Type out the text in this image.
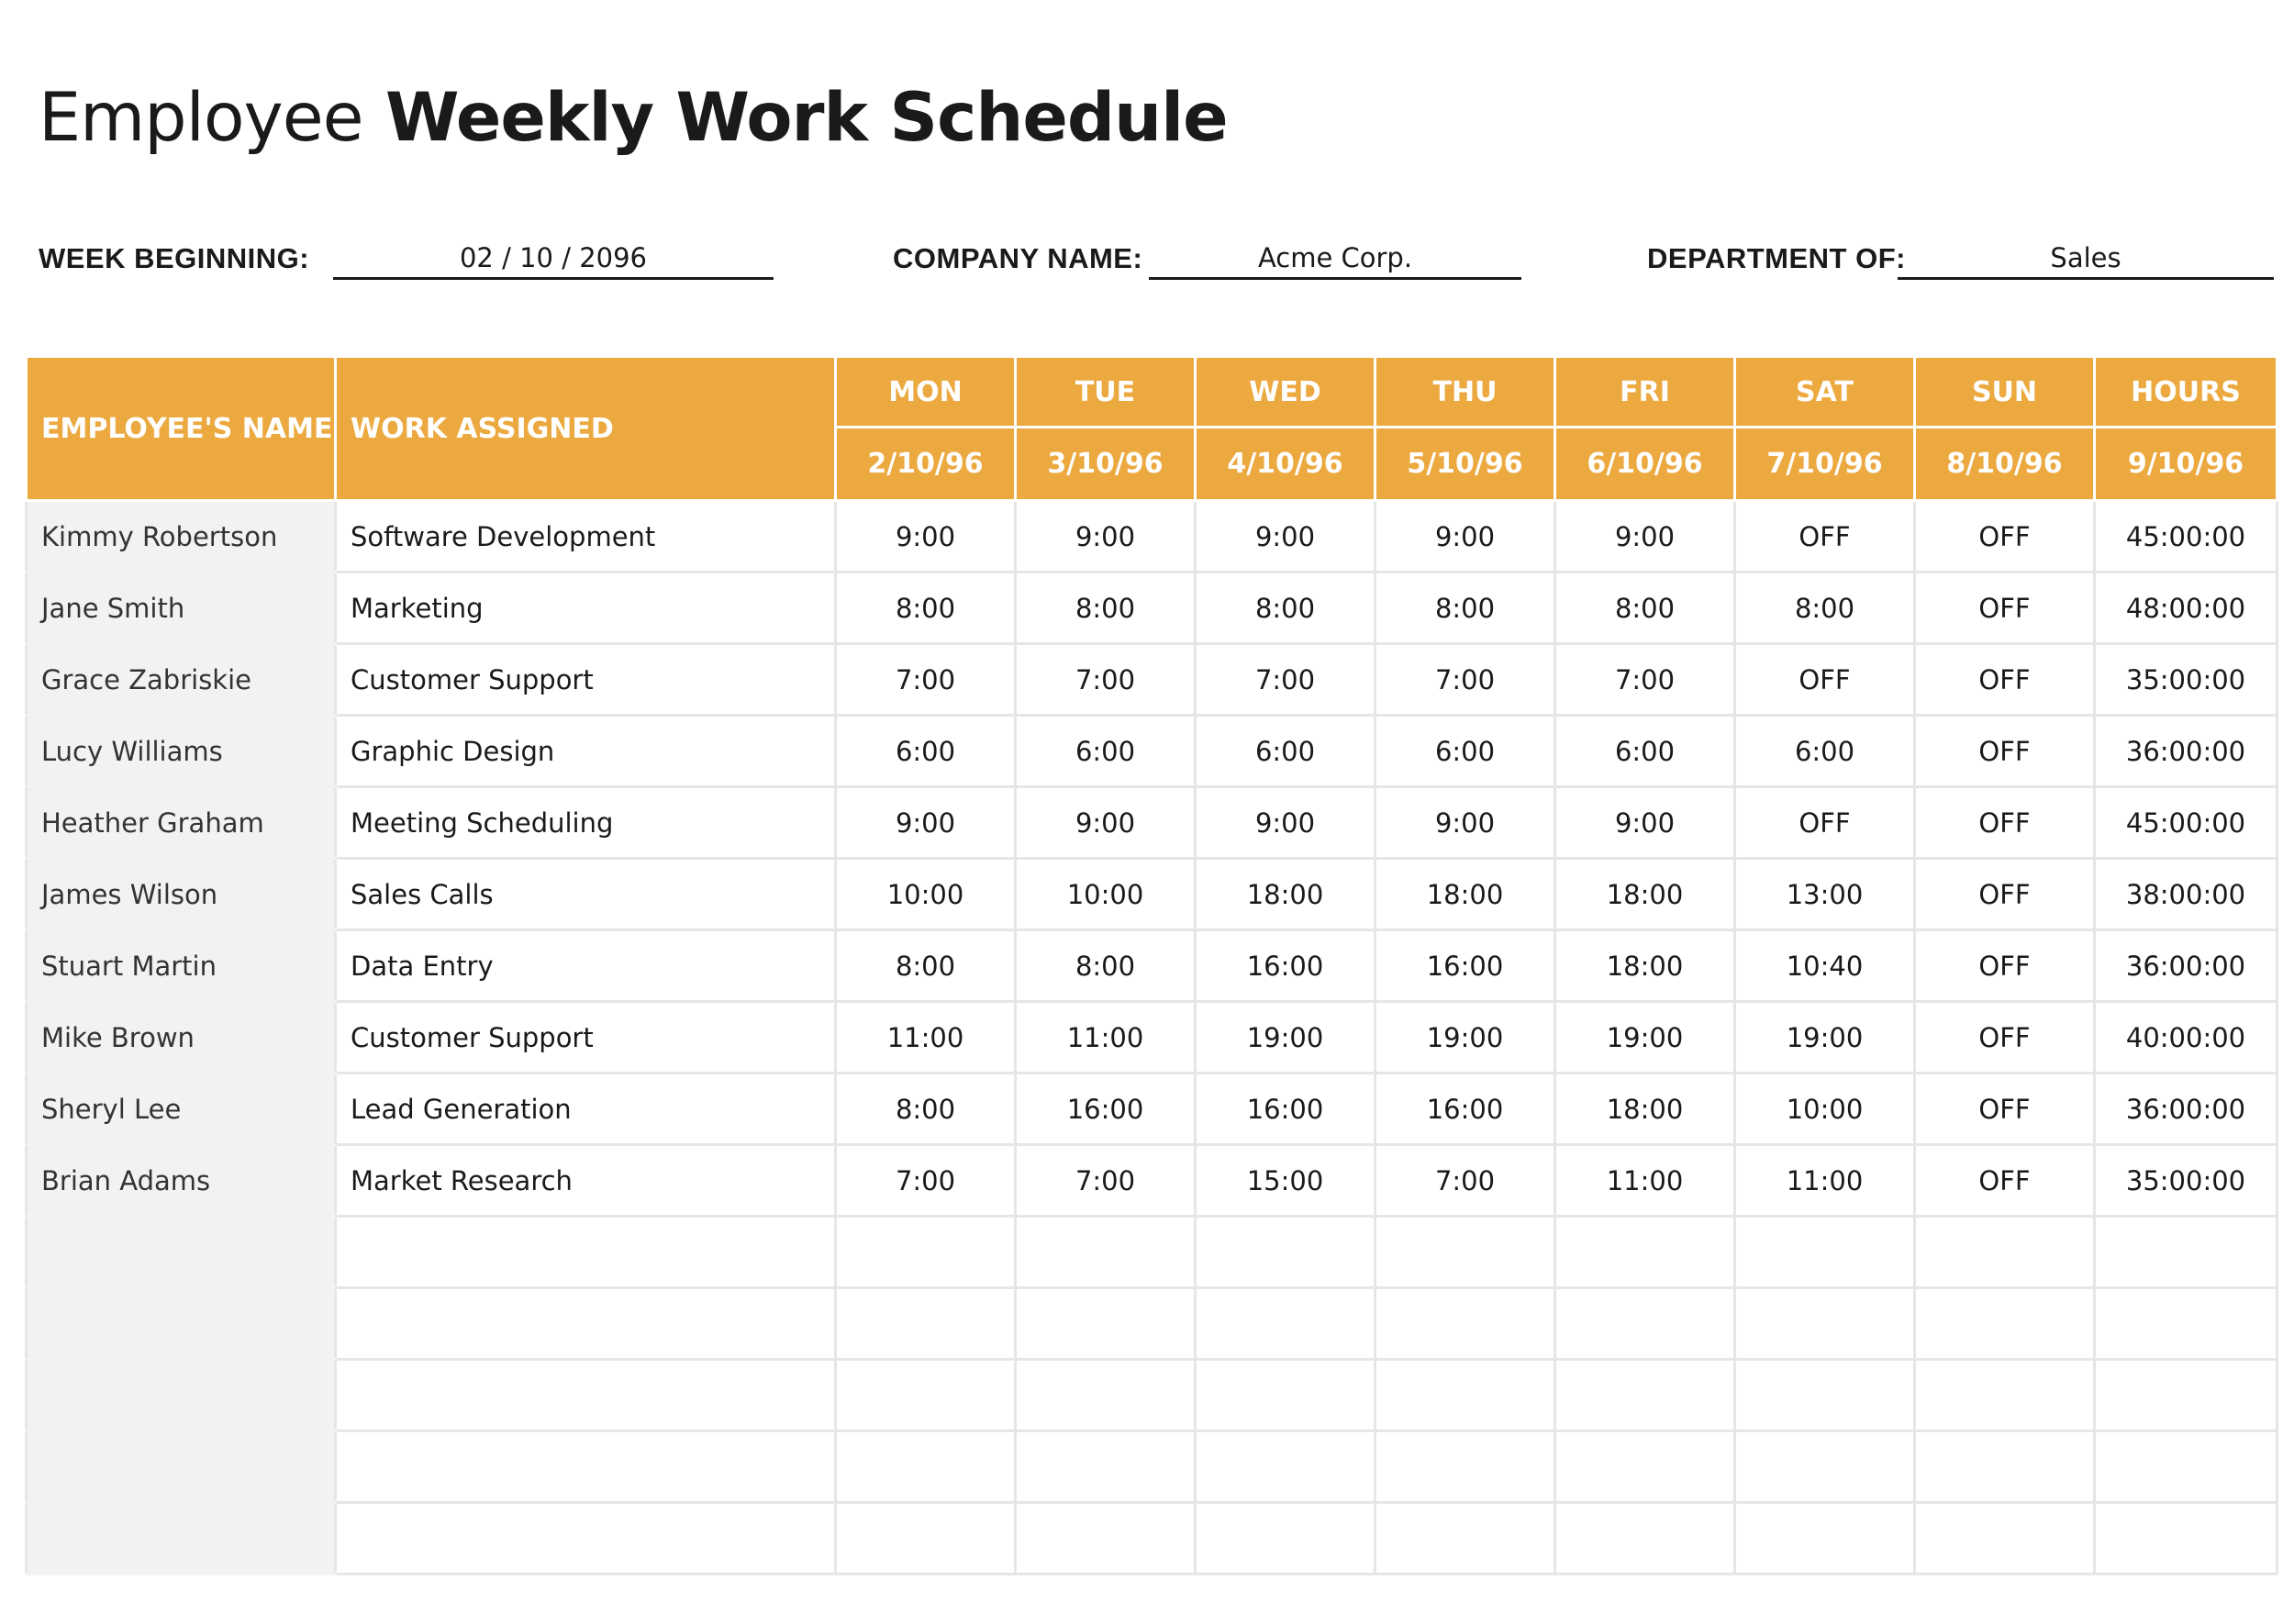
Employee Weekly Work Schedule
WEEK BEGINNING:	02 / 10 / 2096	COMPANY NAME:	Acme Corp.	DEPARTMENT OF:	Sales
EMPLOYEE'S NAME	WORK ASSIGNED	MON	TUE	WED	THU	FRI	SAT	SUN	HOURS
		2/10/96	3/10/96	4/10/96	5/10/96	6/10/96	7/10/96	8/10/96	9/10/96
Kimmy Robertson	Software Development	9:00	9:00	9:00	9:00	9:00	OFF	OFF	45:00:00
Jane Smith	Marketing	8:00	8:00	8:00	8:00	8:00	8:00	OFF	48:00:00
Grace Zabriskie	Customer Support	7:00	7:00	7:00	7:00	7:00	OFF	OFF	35:00:00
Lucy Williams	Graphic Design	6:00	6:00	6:00	6:00	6:00	6:00	OFF	36:00:00
Heather Graham	Meeting Scheduling	9:00	9:00	9:00	9:00	9:00	OFF	OFF	45:00:00
James Wilson	Sales Calls	10:00	10:00	18:00	18:00	18:00	13:00	OFF	38:00:00
Stuart Martin	Data Entry	8:00	8:00	16:00	16:00	18:00	10:40	OFF	36:00:00
Mike Brown	Customer Support	11:00	11:00	19:00	19:00	19:00	19:00	OFF	40:00:00
Sheryl Lee	Lead Generation	8:00	16:00	16:00	16:00	18:00	10:00	OFF	36:00:00
Brian Adams	Market Research	7:00	7:00	15:00	7:00	11:00	11:00	OFF	35:00:00
